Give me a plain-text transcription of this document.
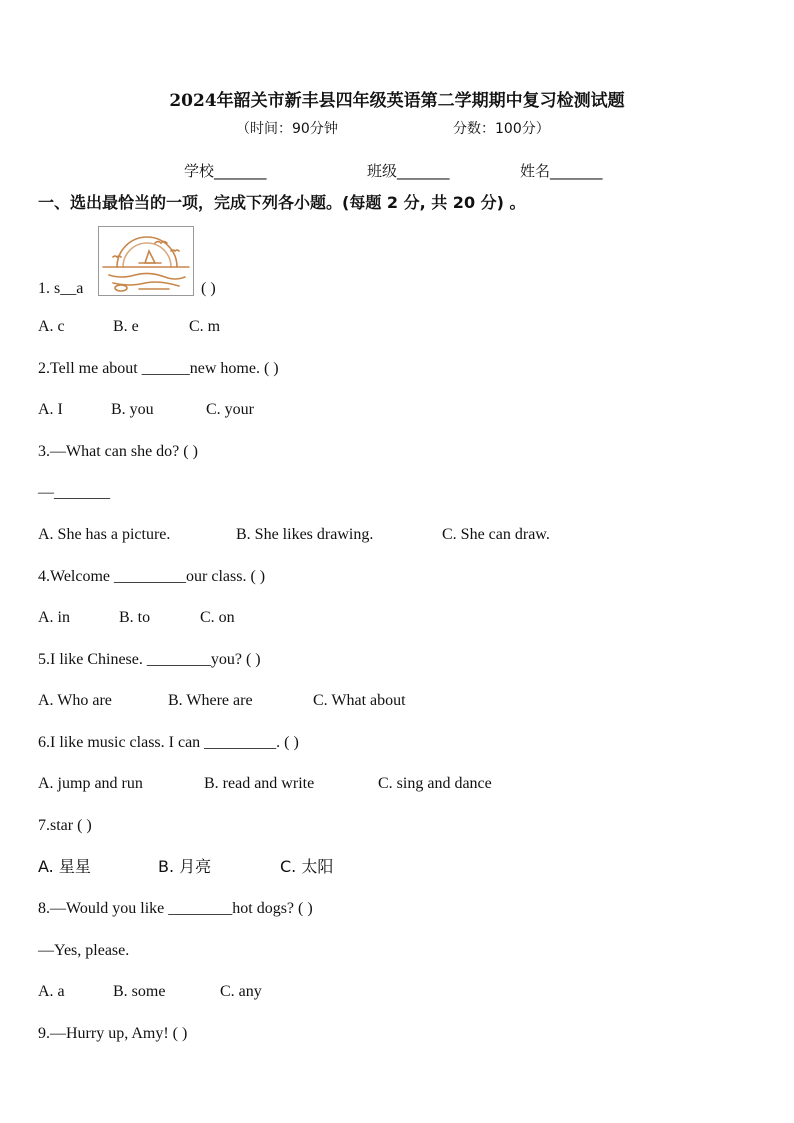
2024年韶关市新丰县四年级英语第二学期期中复习检测试题
（时间：90分钟	分数：100分）
学校_______	班级_______	姓名_______
一、选出最恰当的一项，完成下列各小题。(每题 2 分, 共 20 分) 。
1. s__a	( )
A. c	B. e	C. m
2.Tell me about ______new home. ( )
A. I	B. you	C. your
3.—What can she do? ( )
—_______
A. She has a picture.	B. She likes drawing.	C. She can draw.
4.Welcome _________our class. ( )
A. in	B. to	C. on
5.I like Chinese. ________you? ( )
A. Who are	B. Where are	C. What about
6.I like music class. I can _________. ( )
A. jump and run	B. read and write	C. sing and dance
7.star ( )
A. 星星	B. 月亮	C. 太阳
8.—Would you like ________hot dogs? ( )
—Yes, please.
A. a	B. some	C. any
9.—Hurry up, Amy! ( )
